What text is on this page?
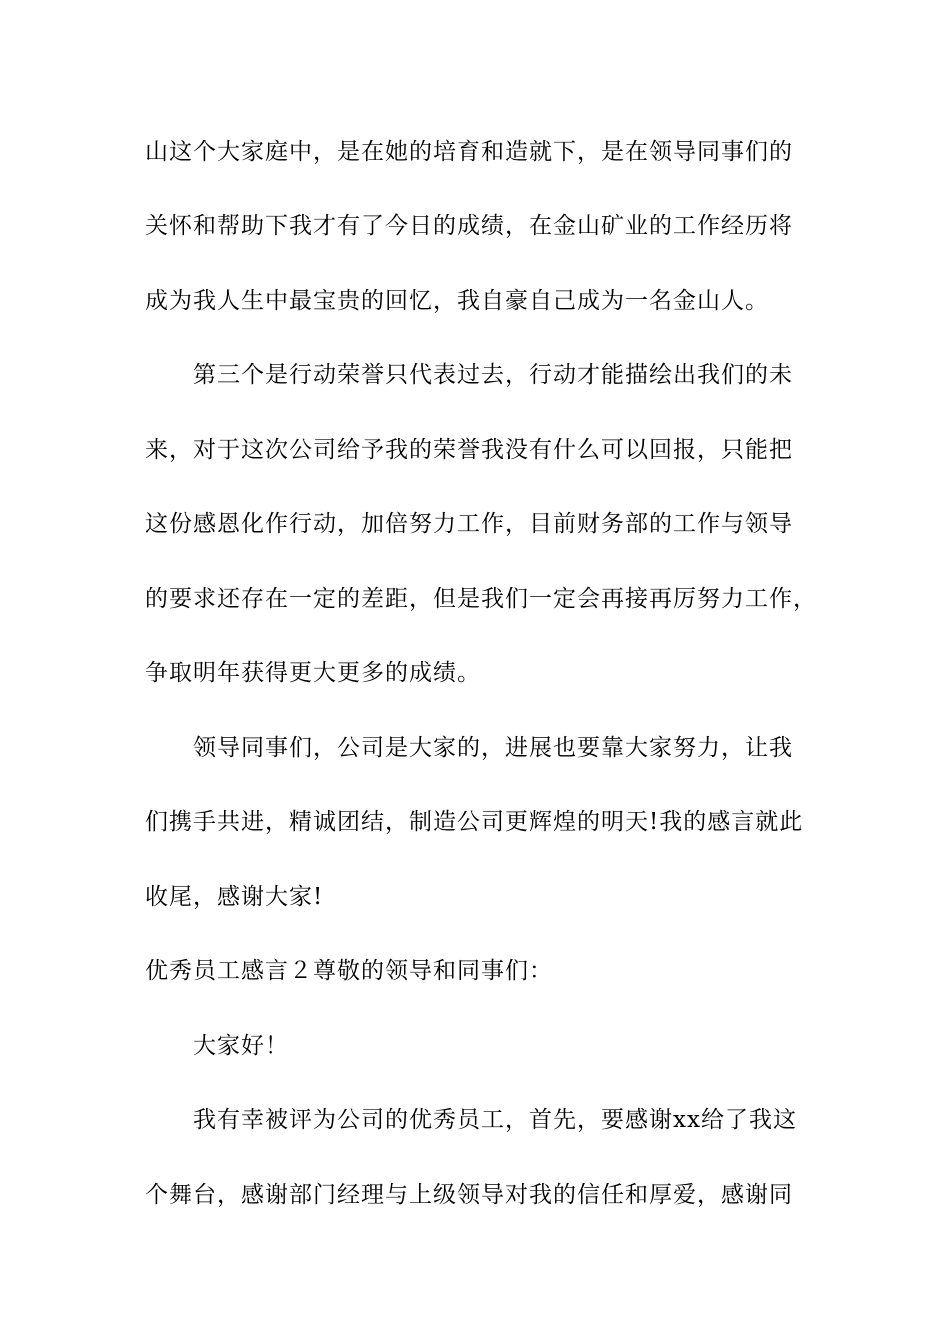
山这个大家庭中，是在她的培育和造就下，是在领导同事们的
关怀和帮助下我才有了今日的成绩，在金山矿业的工作经历将
成为我人生中最宝贵的回忆，我自豪自己成为一名金山人。
第三个是行动荣誉只代表过去，行动才能描绘出我们的未
来，对于这次公司给予我的荣誉我没有什么可以回报，只能把
这份感恩化作行动，加倍努力工作，目前财务部的工作与领导
的要求还存在一定的差距，但是我们一定会再接再厉努力工作，
争取明年获得更大更多的成绩。
领导同事们，公司是大家的，进展也要靠大家努力，让我
们携手共进，精诚团结，制造公司更辉煌的明天!我的感言就此
收尾，感谢大家!
优秀员工感言２尊敬的领导和同事们：
大家好！
我有幸被评为公司的优秀员工，首先，要感谢xx给了我这
个舞台，感谢部门经理与上级领导对我的信任和厚爱，感谢同
